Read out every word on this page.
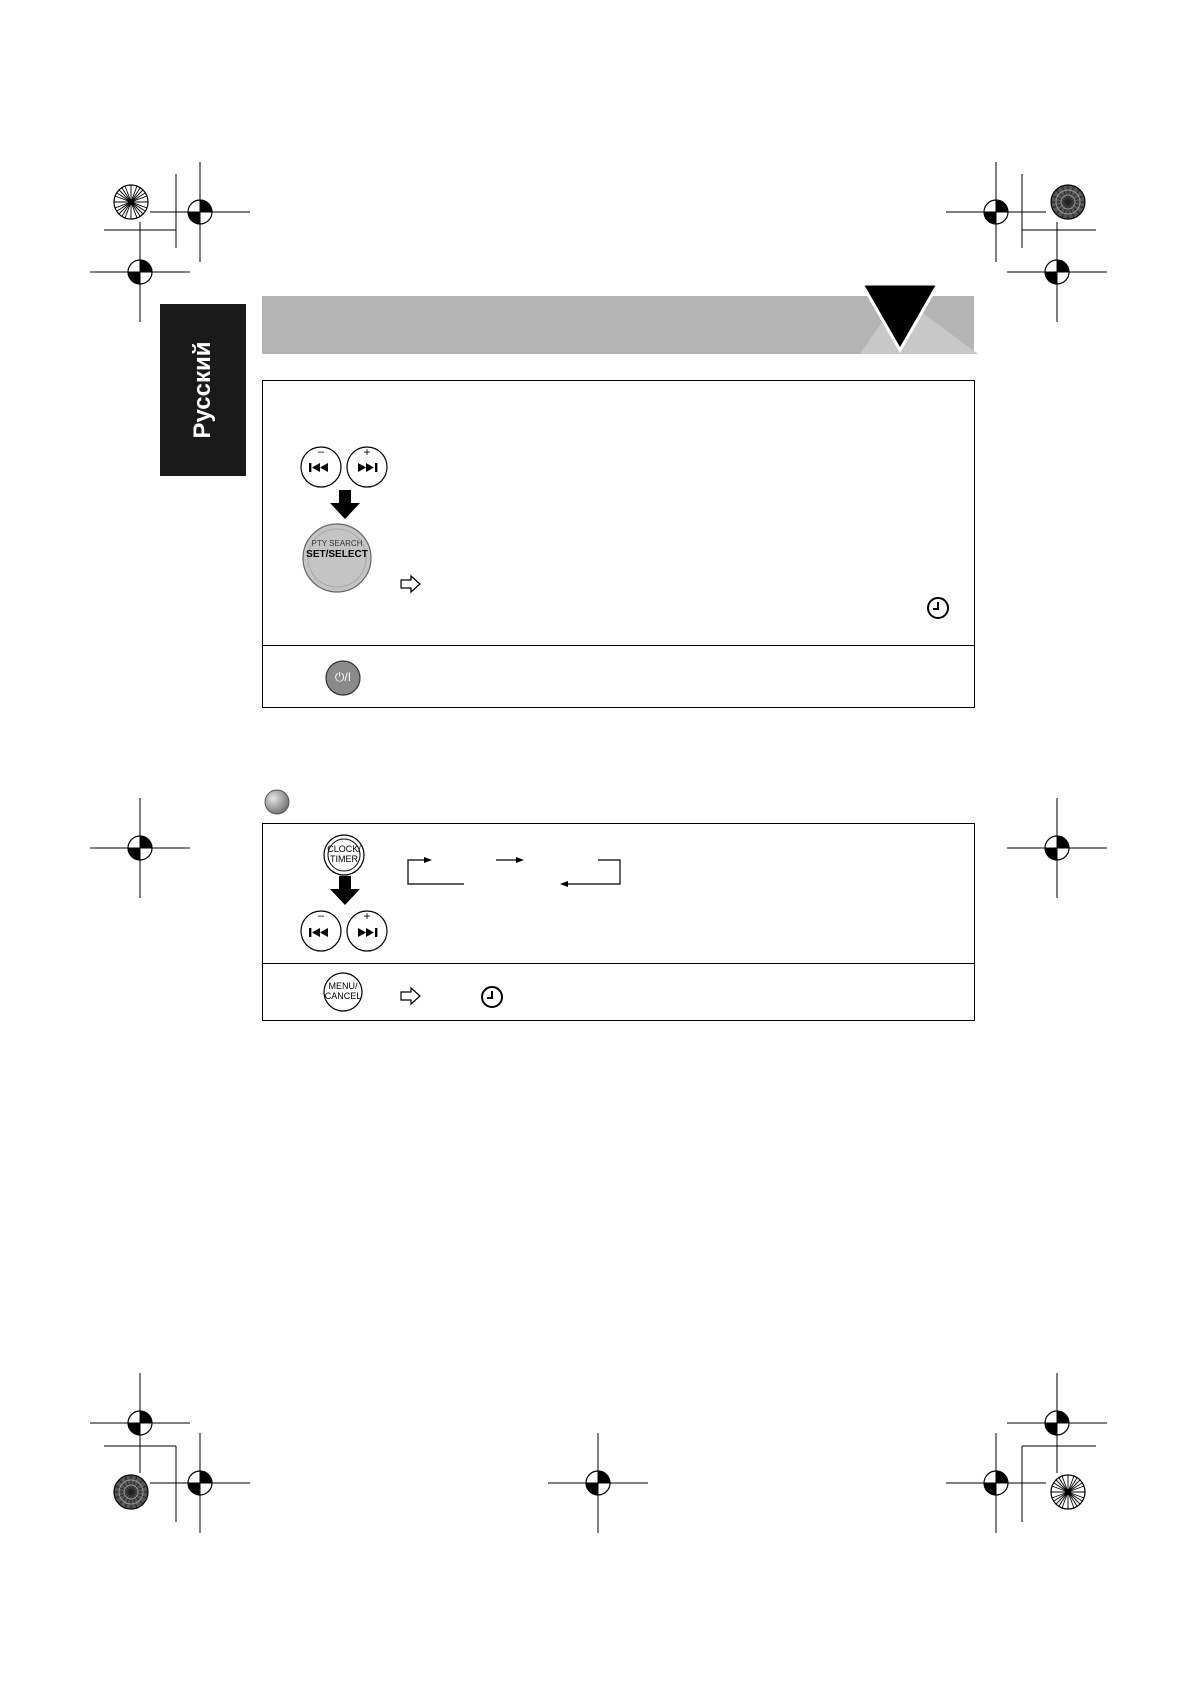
Русский
–	+
PTY SEARCH
SET/SELECT
⏻/I
CLOCK/
TIMER
–	+
MENU/
CANCEL
